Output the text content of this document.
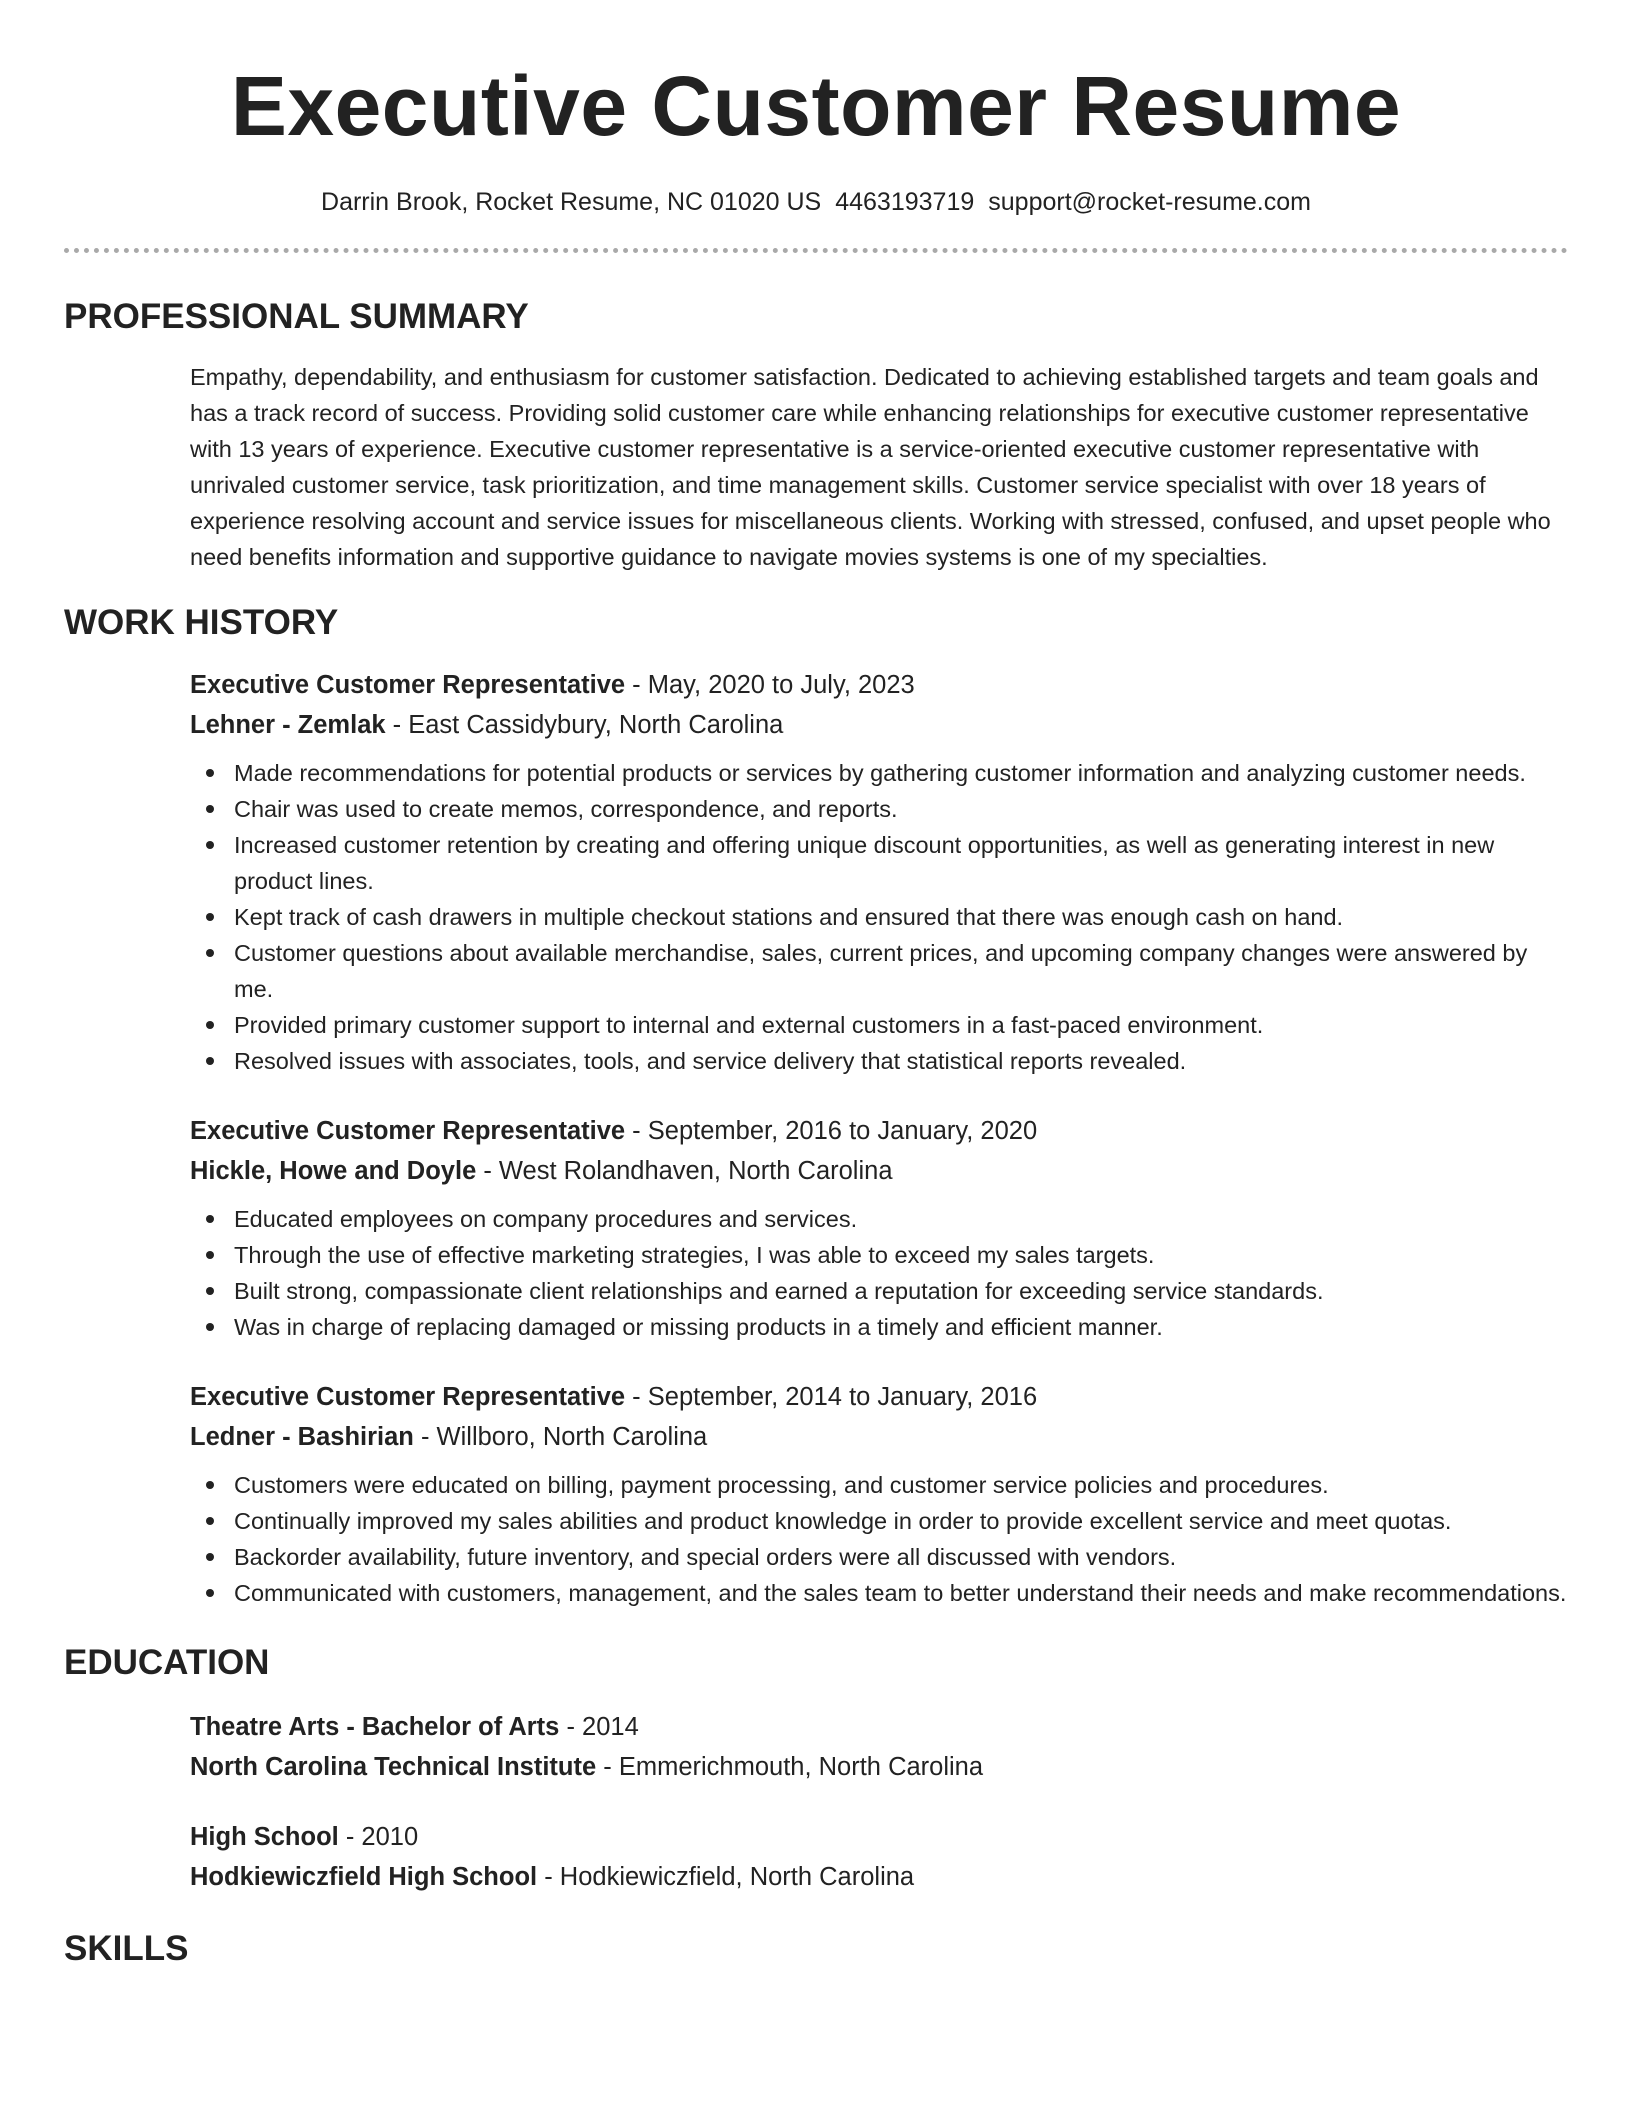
Executive Customer Resume
Darrin Brook, Rocket Resume, NC 01020 US 4463193719 support@rocket-resume.com
PROFESSIONAL SUMMARY

Empathy, dependability, and enthusiasm for customer satisfaction. Dedicated to achieving established targets and team goals and has a track record of success. Providing solid customer care while enhancing relationships for executive customer representative with 13 years of experience. Executive customer representative is a service-oriented executive customer representative with unrivaled customer service, task prioritization, and time management skills. Customer service specialist with over 18 years of experience resolving account and service issues for miscellaneous clients. Working with stressed, confused, and upset people who need benefits information and supportive guidance to navigate movies systems is one of my specialties.

WORK HISTORY
Executive Customer Representative - May, 2020 to July, 2023
Lehner - Zemlak - East Cassidybury, North Carolina
Made recommendations for potential products or services by gathering customer information and analyzing customer needs.
Chair was used to create memos, correspondence, and reports.
Increased customer retention by creating and offering unique discount opportunities, as well as generating interest in new product lines.
Kept track of cash drawers in multiple checkout stations and ensured that there was enough cash on hand.
Customer questions about available merchandise, sales, current prices, and upcoming company changes were answered by me.
Provided primary customer support to internal and external customers in a fast-paced environment.
Resolved issues with associates, tools, and service delivery that statistical reports revealed.
Executive Customer Representative - September, 2016 to January, 2020
Hickle, Howe and Doyle - West Rolandhaven, North Carolina
Educated employees on company procedures and services.
Through the use of effective marketing strategies, I was able to exceed my sales targets.
Built strong, compassionate client relationships and earned a reputation for exceeding service standards.
Was in charge of replacing damaged or missing products in a timely and efficient manner.
Executive Customer Representative - September, 2014 to January, 2016
Ledner - Bashirian - Willboro, North Carolina
Customers were educated on billing, payment processing, and customer service policies and procedures.
Continually improved my sales abilities and product knowledge in order to provide excellent service and meet quotas.
Backorder availability, future inventory, and special orders were all discussed with vendors.
Communicated with customers, management, and the sales team to better understand their needs and make recommendations.
EDUCATION
Theatre Arts - Bachelor of Arts - 2014
North Carolina Technical Institute - Emmerichmouth, North Carolina
High School - 2010
Hodkiewiczfield High School - Hodkiewiczfield, North Carolina
SKILLS
